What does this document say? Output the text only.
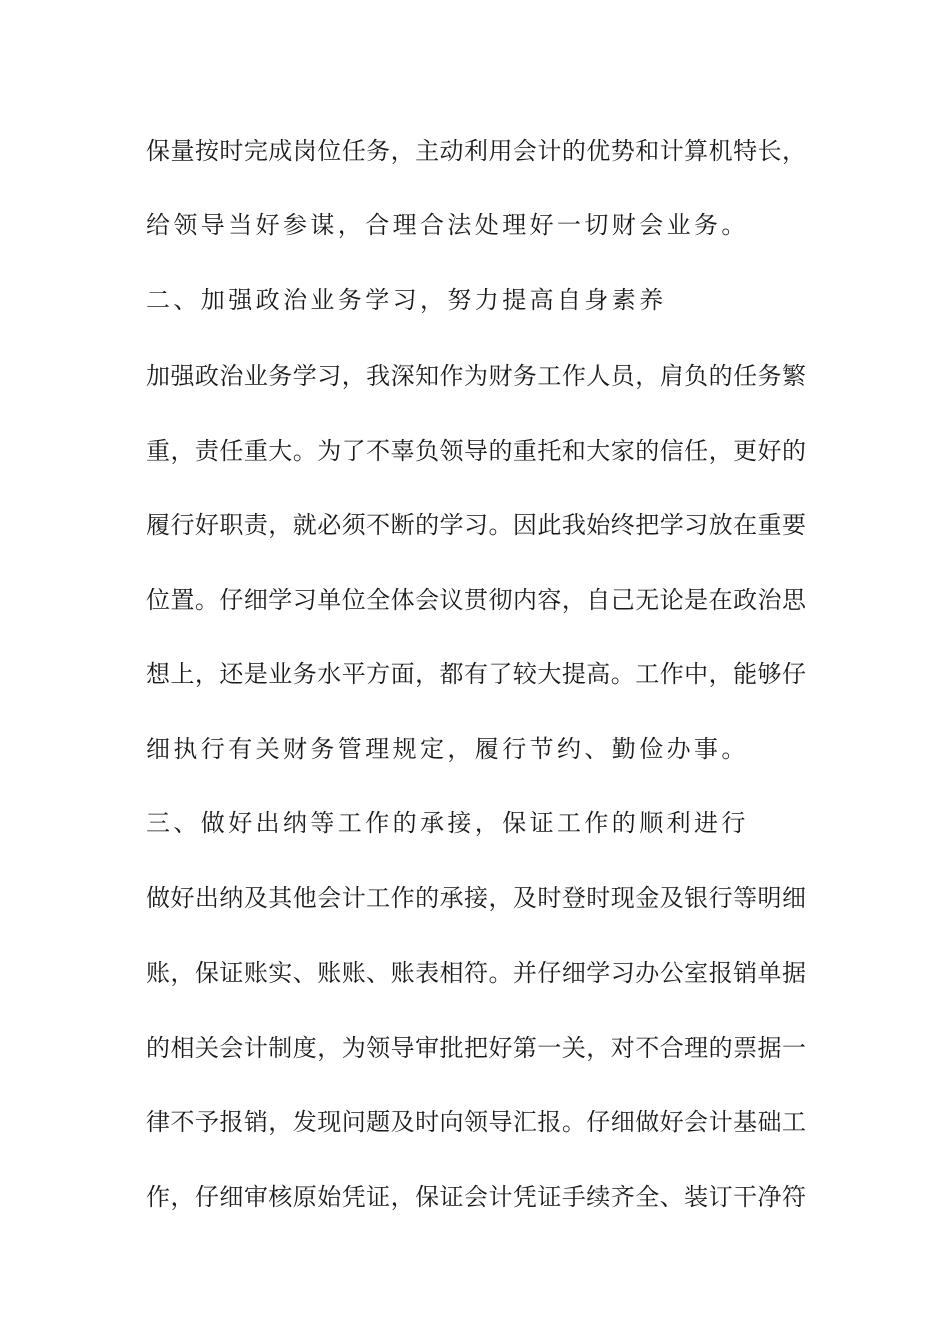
保量按时完成岗位任务，主动利用会计的优势和计算机特长，
给领导当好参谋，合理合法处理好一切财会业务。
二、加强政治业务学习，努力提高自身素养
加强政治业务学习，我深知作为财务工作人员，肩负的任务繁
重，责任重大。为了不辜负领导的重托和大家的信任，更好的
履行好职责，就必须不断的学习。因此我始终把学习放在重要
位置。仔细学习单位全体会议贯彻内容，自己无论是在政治思
想上，还是业务水平方面，都有了较大提高。工作中，能够仔
细执行有关财务管理规定，履行节约、勤俭办事。
三、做好出纳等工作的承接，保证工作的顺利进行
做好出纳及其他会计工作的承接，及时登时现金及银行等明细
账，保证账实、账账、账表相符。并仔细学习办公室报销单据
的相关会计制度，为领导审批把好第一关，对不合理的票据一
律不予报销，发现问题及时向领导汇报。仔细做好会计基础工
作，仔细审核原始凭证，保证会计凭证手续齐全、装订干净符
